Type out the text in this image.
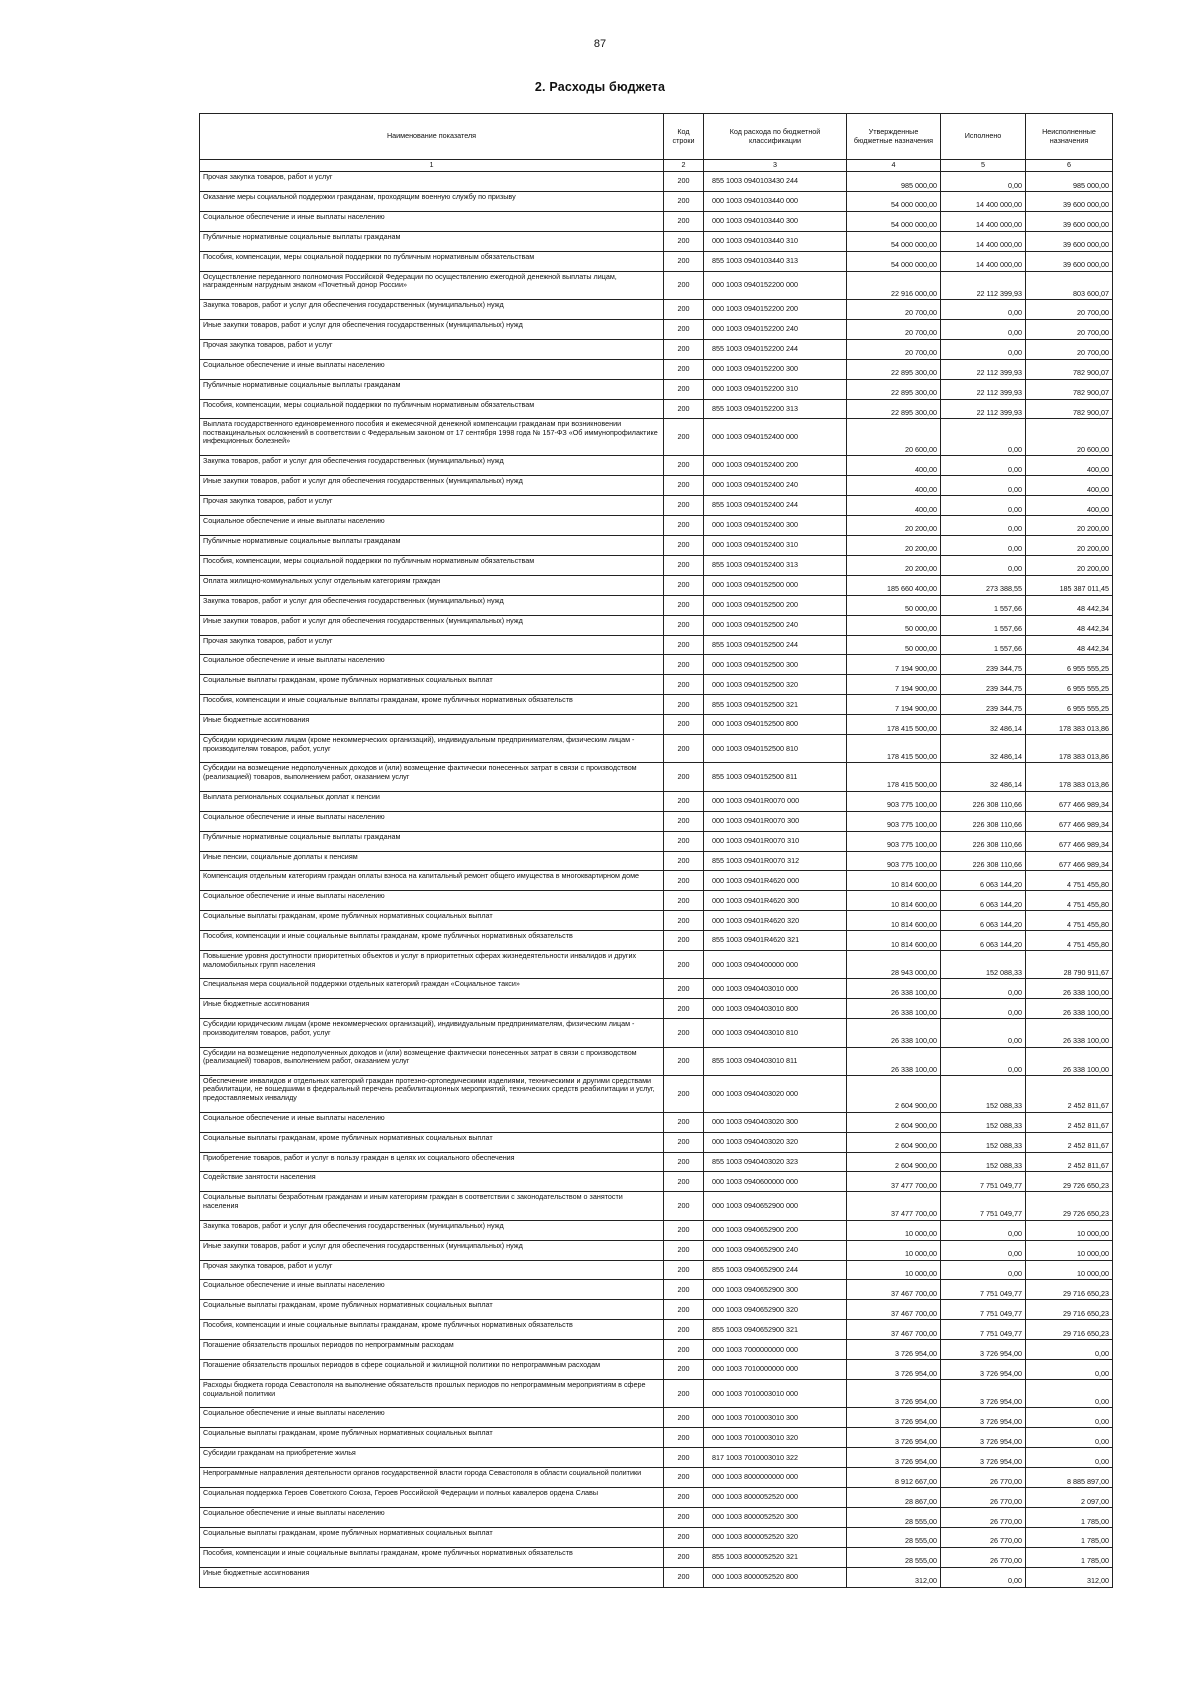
87
2. Расходы бюджета
Наименование показателя	Код строки	Код расхода по бюджетной классификации	Утвержденные бюджетные назначения	Исполнено	Неисполненные назначения
1	2	3	4	5	6
Прочая закупка товаров, работ и услуг	200	855 1003 0940103430 244	985 000,00	0,00	985 000,00
Оказание меры социальной поддержки гражданам, проходящим военную службу по призыву	200	000 1003 0940103440 000	54 000 000,00	14 400 000,00	39 600 000,00
Социальное обеспечение и иные выплаты населению	200	000 1003 0940103440 300	54 000 000,00	14 400 000,00	39 600 000,00
Публичные нормативные социальные выплаты гражданам	200	000 1003 0940103440 310	54 000 000,00	14 400 000,00	39 600 000,00
Пособия, компенсации, меры социальной поддержки по публичным нормативным обязательствам	200	855 1003 0940103440 313	54 000 000,00	14 400 000,00	39 600 000,00
Осуществление переданного полномочия Российской Федерации по осуществлению ежегодной денежной выплаты лицам, награжденным нагрудным знаком «Почетный донор России»	200	000 1003 0940152200 000	22 916 000,00	22 112 399,93	803 600,07
Закупка товаров, работ и услуг для обеспечения государственных (муниципальных) нужд	200	000 1003 0940152200 200	20 700,00	0,00	20 700,00
Иные закупки товаров, работ и услуг для обеспечения государственных (муниципальных) нужд	200	000 1003 0940152200 240	20 700,00	0,00	20 700,00
Прочая закупка товаров, работ и услуг	200	855 1003 0940152200 244	20 700,00	0,00	20 700,00
Социальное обеспечение и иные выплаты населению	200	000 1003 0940152200 300	22 895 300,00	22 112 399,93	782 900,07
Публичные нормативные социальные выплаты гражданам	200	000 1003 0940152200 310	22 895 300,00	22 112 399,93	782 900,07
Пособия, компенсации, меры социальной поддержки по публичным нормативным обязательствам	200	855 1003 0940152200 313	22 895 300,00	22 112 399,93	782 900,07
Выплата государственного единовременного пособия и ежемесячной денежной компенсации гражданам при возникновении поствакцинальных осложнений в соответствии с Федеральным законом от 17 сентября 1998 года № 157-ФЗ «Об иммунопрофилактике инфекционных болезней»	200	000 1003 0940152400 000	20 600,00	0,00	20 600,00
Закупка товаров, работ и услуг для обеспечения государственных (муниципальных) нужд	200	000 1003 0940152400 200	400,00	0,00	400,00
Иные закупки товаров, работ и услуг для обеспечения государственных (муниципальных) нужд	200	000 1003 0940152400 240	400,00	0,00	400,00
Прочая закупка товаров, работ и услуг	200	855 1003 0940152400 244	400,00	0,00	400,00
Социальное обеспечение и иные выплаты населению	200	000 1003 0940152400 300	20 200,00	0,00	20 200,00
Публичные нормативные социальные выплаты гражданам	200	000 1003 0940152400 310	20 200,00	0,00	20 200,00
Пособия, компенсации, меры социальной поддержки по публичным нормативным обязательствам	200	855 1003 0940152400 313	20 200,00	0,00	20 200,00
Оплата жилищно-коммунальных услуг отдельным категориям граждан	200	000 1003 0940152500 000	185 660 400,00	273 388,55	185 387 011,45
Закупка товаров, работ и услуг для обеспечения государственных (муниципальных) нужд	200	000 1003 0940152500 200	50 000,00	1 557,66	48 442,34
Иные закупки товаров, работ и услуг для обеспечения государственных (муниципальных) нужд	200	000 1003 0940152500 240	50 000,00	1 557,66	48 442,34
Прочая закупка товаров, работ и услуг	200	855 1003 0940152500 244	50 000,00	1 557,66	48 442,34
Социальное обеспечение и иные выплаты населению	200	000 1003 0940152500 300	7 194 900,00	239 344,75	6 955 555,25
Социальные выплаты гражданам, кроме публичных нормативных социальных выплат	200	000 1003 0940152500 320	7 194 900,00	239 344,75	6 955 555,25
Пособия, компенсации и иные социальные выплаты гражданам, кроме публичных нормативных обязательств	200	855 1003 0940152500 321	7 194 900,00	239 344,75	6 955 555,25
Иные бюджетные ассигнования	200	000 1003 0940152500 800	178 415 500,00	32 486,14	178 383 013,86
Субсидии юридическим лицам (кроме некоммерческих организаций), индивидуальным предпринимателям, физическим лицам - производителям товаров, работ, услуг	200	000 1003 0940152500 810	178 415 500,00	32 486,14	178 383 013,86
Субсидии на возмещение недополученных доходов и (или) возмещение фактически понесенных затрат в связи с производством (реализацией) товаров, выполнением работ, оказанием услуг	200	855 1003 0940152500 811	178 415 500,00	32 486,14	178 383 013,86
Выплата региональных социальных доплат к пенсии	200	000 1003 09401R0070 000	903 775 100,00	226 308 110,66	677 466 989,34
Социальное обеспечение и иные выплаты населению	200	000 1003 09401R0070 300	903 775 100,00	226 308 110,66	677 466 989,34
Публичные нормативные социальные выплаты гражданам	200	000 1003 09401R0070 310	903 775 100,00	226 308 110,66	677 466 989,34
Иные пенсии, социальные доплаты к пенсиям	200	855 1003 09401R0070 312	903 775 100,00	226 308 110,66	677 466 989,34
Компенсация отдельным категориям граждан оплаты взноса на капитальный ремонт общего имущества в многоквартирном доме	200	000 1003 09401R4620 000	10 814 600,00	6 063 144,20	4 751 455,80
Социальное обеспечение и иные выплаты населению	200	000 1003 09401R4620 300	10 814 600,00	6 063 144,20	4 751 455,80
Социальные выплаты гражданам, кроме публичных нормативных социальных выплат	200	000 1003 09401R4620 320	10 814 600,00	6 063 144,20	4 751 455,80
Пособия, компенсации и иные социальные выплаты гражданам, кроме публичных нормативных обязательств	200	855 1003 09401R4620 321	10 814 600,00	6 063 144,20	4 751 455,80
Повышение уровня доступности приоритетных объектов и услуг в приоритетных сферах жизнедеятельности инвалидов и других маломобильных групп населения	200	000 1003 0940400000 000	28 943 000,00	152 088,33	28 790 911,67
Специальная мера социальной поддержки отдельных категорий граждан «Социальное такси»	200	000 1003 0940403010 000	26 338 100,00	0,00	26 338 100,00
Иные бюджетные ассигнования	200	000 1003 0940403010 800	26 338 100,00	0,00	26 338 100,00
Субсидии юридическим лицам (кроме некоммерческих организаций), индивидуальным предпринимателям, физическим лицам - производителям товаров, работ, услуг	200	000 1003 0940403010 810	26 338 100,00	0,00	26 338 100,00
Субсидии на возмещение недополученных доходов и (или) возмещение фактически понесенных затрат в связи с производством (реализацией) товаров, выполнением работ, оказанием услуг	200	855 1003 0940403010 811	26 338 100,00	0,00	26 338 100,00
Обеспечение инвалидов и отдельных категорий граждан протезно-ортопедическими изделиями, техническими и другими средствами реабилитации, не вошедшими в федеральный перечень реабилитационных мероприятий, технических средств реабилитации и услуг, предоставляемых инвалиду	200	000 1003 0940403020 000	2 604 900,00	152 088,33	2 452 811,67
Социальное обеспечение и иные выплаты населению	200	000 1003 0940403020 300	2 604 900,00	152 088,33	2 452 811,67
Социальные выплаты гражданам, кроме публичных нормативных социальных выплат	200	000 1003 0940403020 320	2 604 900,00	152 088,33	2 452 811,67
Приобретение товаров, работ и услуг в пользу граждан в целях их социального обеспечения	200	855 1003 0940403020 323	2 604 900,00	152 088,33	2 452 811,67
Содействие занятости населения	200	000 1003 0940600000 000	37 477 700,00	7 751 049,77	29 726 650,23
Социальные выплаты безработным гражданам и иным категориям граждан в соответствии с законодательством о занятости населения	200	000 1003 0940652900 000	37 477 700,00	7 751 049,77	29 726 650,23
Закупка товаров, работ и услуг для обеспечения государственных (муниципальных) нужд	200	000 1003 0940652900 200	10 000,00	0,00	10 000,00
Иные закупки товаров, работ и услуг для обеспечения государственных (муниципальных) нужд	200	000 1003 0940652900 240	10 000,00	0,00	10 000,00
Прочая закупка товаров, работ и услуг	200	855 1003 0940652900 244	10 000,00	0,00	10 000,00
Социальное обеспечение и иные выплаты населению	200	000 1003 0940652900 300	37 467 700,00	7 751 049,77	29 716 650,23
Социальные выплаты гражданам, кроме публичных нормативных социальных выплат	200	000 1003 0940652900 320	37 467 700,00	7 751 049,77	29 716 650,23
Пособия, компенсации и иные социальные выплаты гражданам, кроме публичных нормативных обязательств	200	855 1003 0940652900 321	37 467 700,00	7 751 049,77	29 716 650,23
Погашение обязательств прошлых периодов по непрограммным расходам	200	000 1003 7000000000 000	3 726 954,00	3 726 954,00	0,00
Погашение обязательств прошлых периодов в сфере социальной и жилищной политики по непрограммным расходам	200	000 1003 7010000000 000	3 726 954,00	3 726 954,00	0,00
Расходы бюджета города Севастополя на выполнение обязательств прошлых периодов по непрограммным мероприятиям в сфере социальной политики	200	000 1003 7010003010 000	3 726 954,00	3 726 954,00	0,00
Социальное обеспечение и иные выплаты населению	200	000 1003 7010003010 300	3 726 954,00	3 726 954,00	0,00
Социальные выплаты гражданам, кроме публичных нормативных социальных выплат	200	000 1003 7010003010 320	3 726 954,00	3 726 954,00	0,00
Субсидии гражданам на приобретение жилья	200	817 1003 7010003010 322	3 726 954,00	3 726 954,00	0,00
Непрограммные направления деятельности органов государственной власти города Севастополя в области социальной политики	200	000 1003 8000000000 000	8 912 667,00	26 770,00	8 885 897,00
Социальная поддержка Героев Советского Союза, Героев Российской Федерации и полных кавалеров ордена Славы	200	000 1003 8000052520 000	28 867,00	26 770,00	2 097,00
Социальное обеспечение и иные выплаты населению	200	000 1003 8000052520 300	28 555,00	26 770,00	1 785,00
Социальные выплаты гражданам, кроме публичных нормативных социальных выплат	200	000 1003 8000052520 320	28 555,00	26 770,00	1 785,00
Пособия, компенсации и иные социальные выплаты гражданам, кроме публичных нормативных обязательств	200	855 1003 8000052520 321	28 555,00	26 770,00	1 785,00
Иные бюджетные ассигнования	200	000 1003 8000052520 800	312,00	0,00	312,00
